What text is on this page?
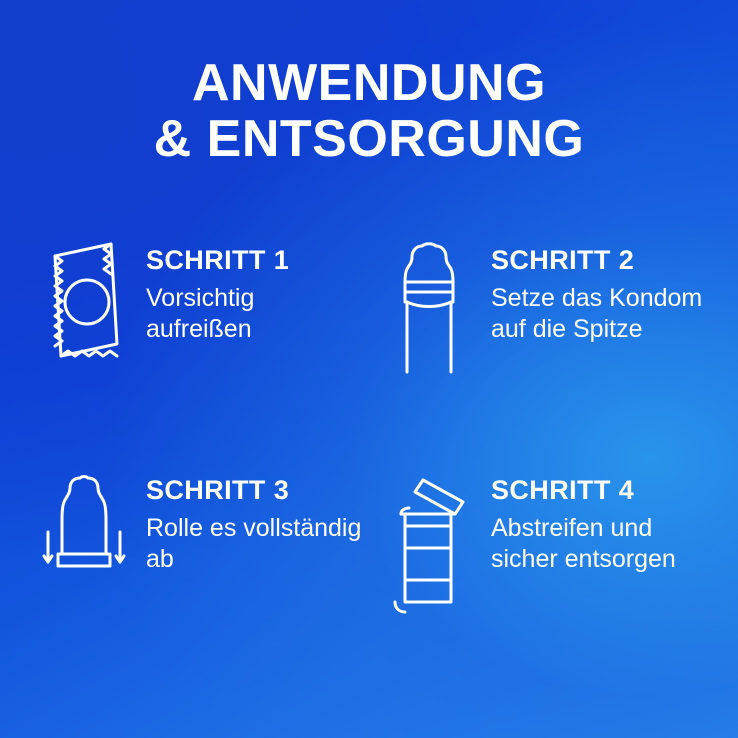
ANWENDUNG
& ENTSORGUNG

SCHRITT 1

Vorsichtig aufreißen

SCHRITT 2

Setze das Kondom auf die Spitze

SCHRITT 3

Rolle es vollständig ab

SCHRITT 4

Abstreifen und sicher entsorgen
